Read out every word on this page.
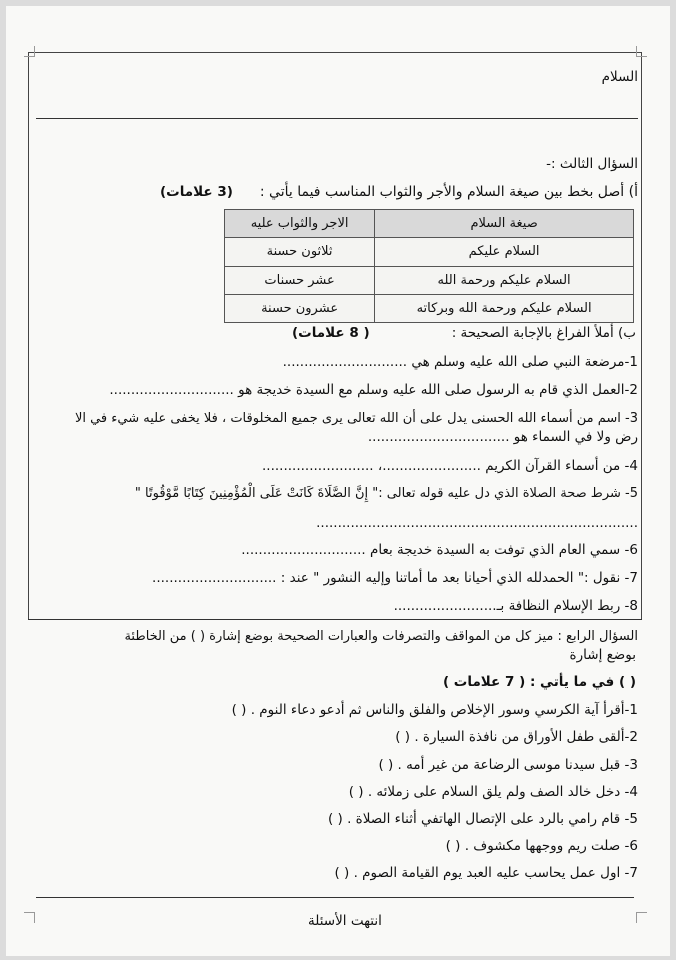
السلام
السؤال الثالث :-
أ) أصل بخط بين صيغة السلام والأجر والثواب المناسب فيما يأتي :
(3 علامات)
صيغة السلام	الاجر والثواب عليه
السلام عليكم	ثلاثون حسنة
السلام عليكم ورحمة الله	عشر حسنات
السلام عليكم ورحمة الله وبركاته	عشرون حسنة
ب) أملأ الفراغ بالإجابة الصحيحة :
( 8 علامات)
1-مرضعة النبي صلى الله عليه وسلم هي .............................
2-العمل الذي قام به الرسول صلى الله عليه وسلم مع السيدة خديجة هو .............................
3- اسم من أسماء الله الحسنى يدل على أن الله تعالى يرى جميع المخلوقات ، فلا يخفى عليه شيء في الا
رض ولا في السماء هو .................................
4- من أسماء القرآن الكريم .......................، ..........................
5- شرط صحة الصلاة الذي دل عليه قوله تعالى :" إِنَّ الصَّلَاةَ كَانَتْ عَلَى الْمُؤْمِنِينَ كِتَابًا مَّوْقُوتًا "
...........................................................................
6- سمي العام الذي توفت به السيدة خديجة بعام .............................
7- نقول :" الحمدلله الذي أحيانا بعد ما أماتنا وإليه النشور " عند : .............................
8- ربط الإسلام النظافة بـ........................
السؤال الرابع : ميز كل من المواقف والتصرفات والعبارات الصحيحة بوضع إشارة ( ) من الخاطئة
بوضع إشارة
( ) في ما يأتي : ( 7 علامات )
1-أقرأ آية الكرسي وسور الإخلاص والفلق والناس ثم أدعو دعاء النوم . ( )
2-ألقى طفل الأوراق من نافذة السيارة . ( )
3- قبل سيدنا موسى الرضاعة من غير أمه . ( )
4- دخل خالد الصف ولم يلق السلام على زملائه . ( )
5- قام رامي بالرد على الإتصال الهاتفي أثناء الصلاة . ( )
6- صلت ريم ووجهها مكشوف . ( )
7- اول عمل يحاسب عليه العبد يوم القيامة الصوم . ( )
انتهت الأسئلة
